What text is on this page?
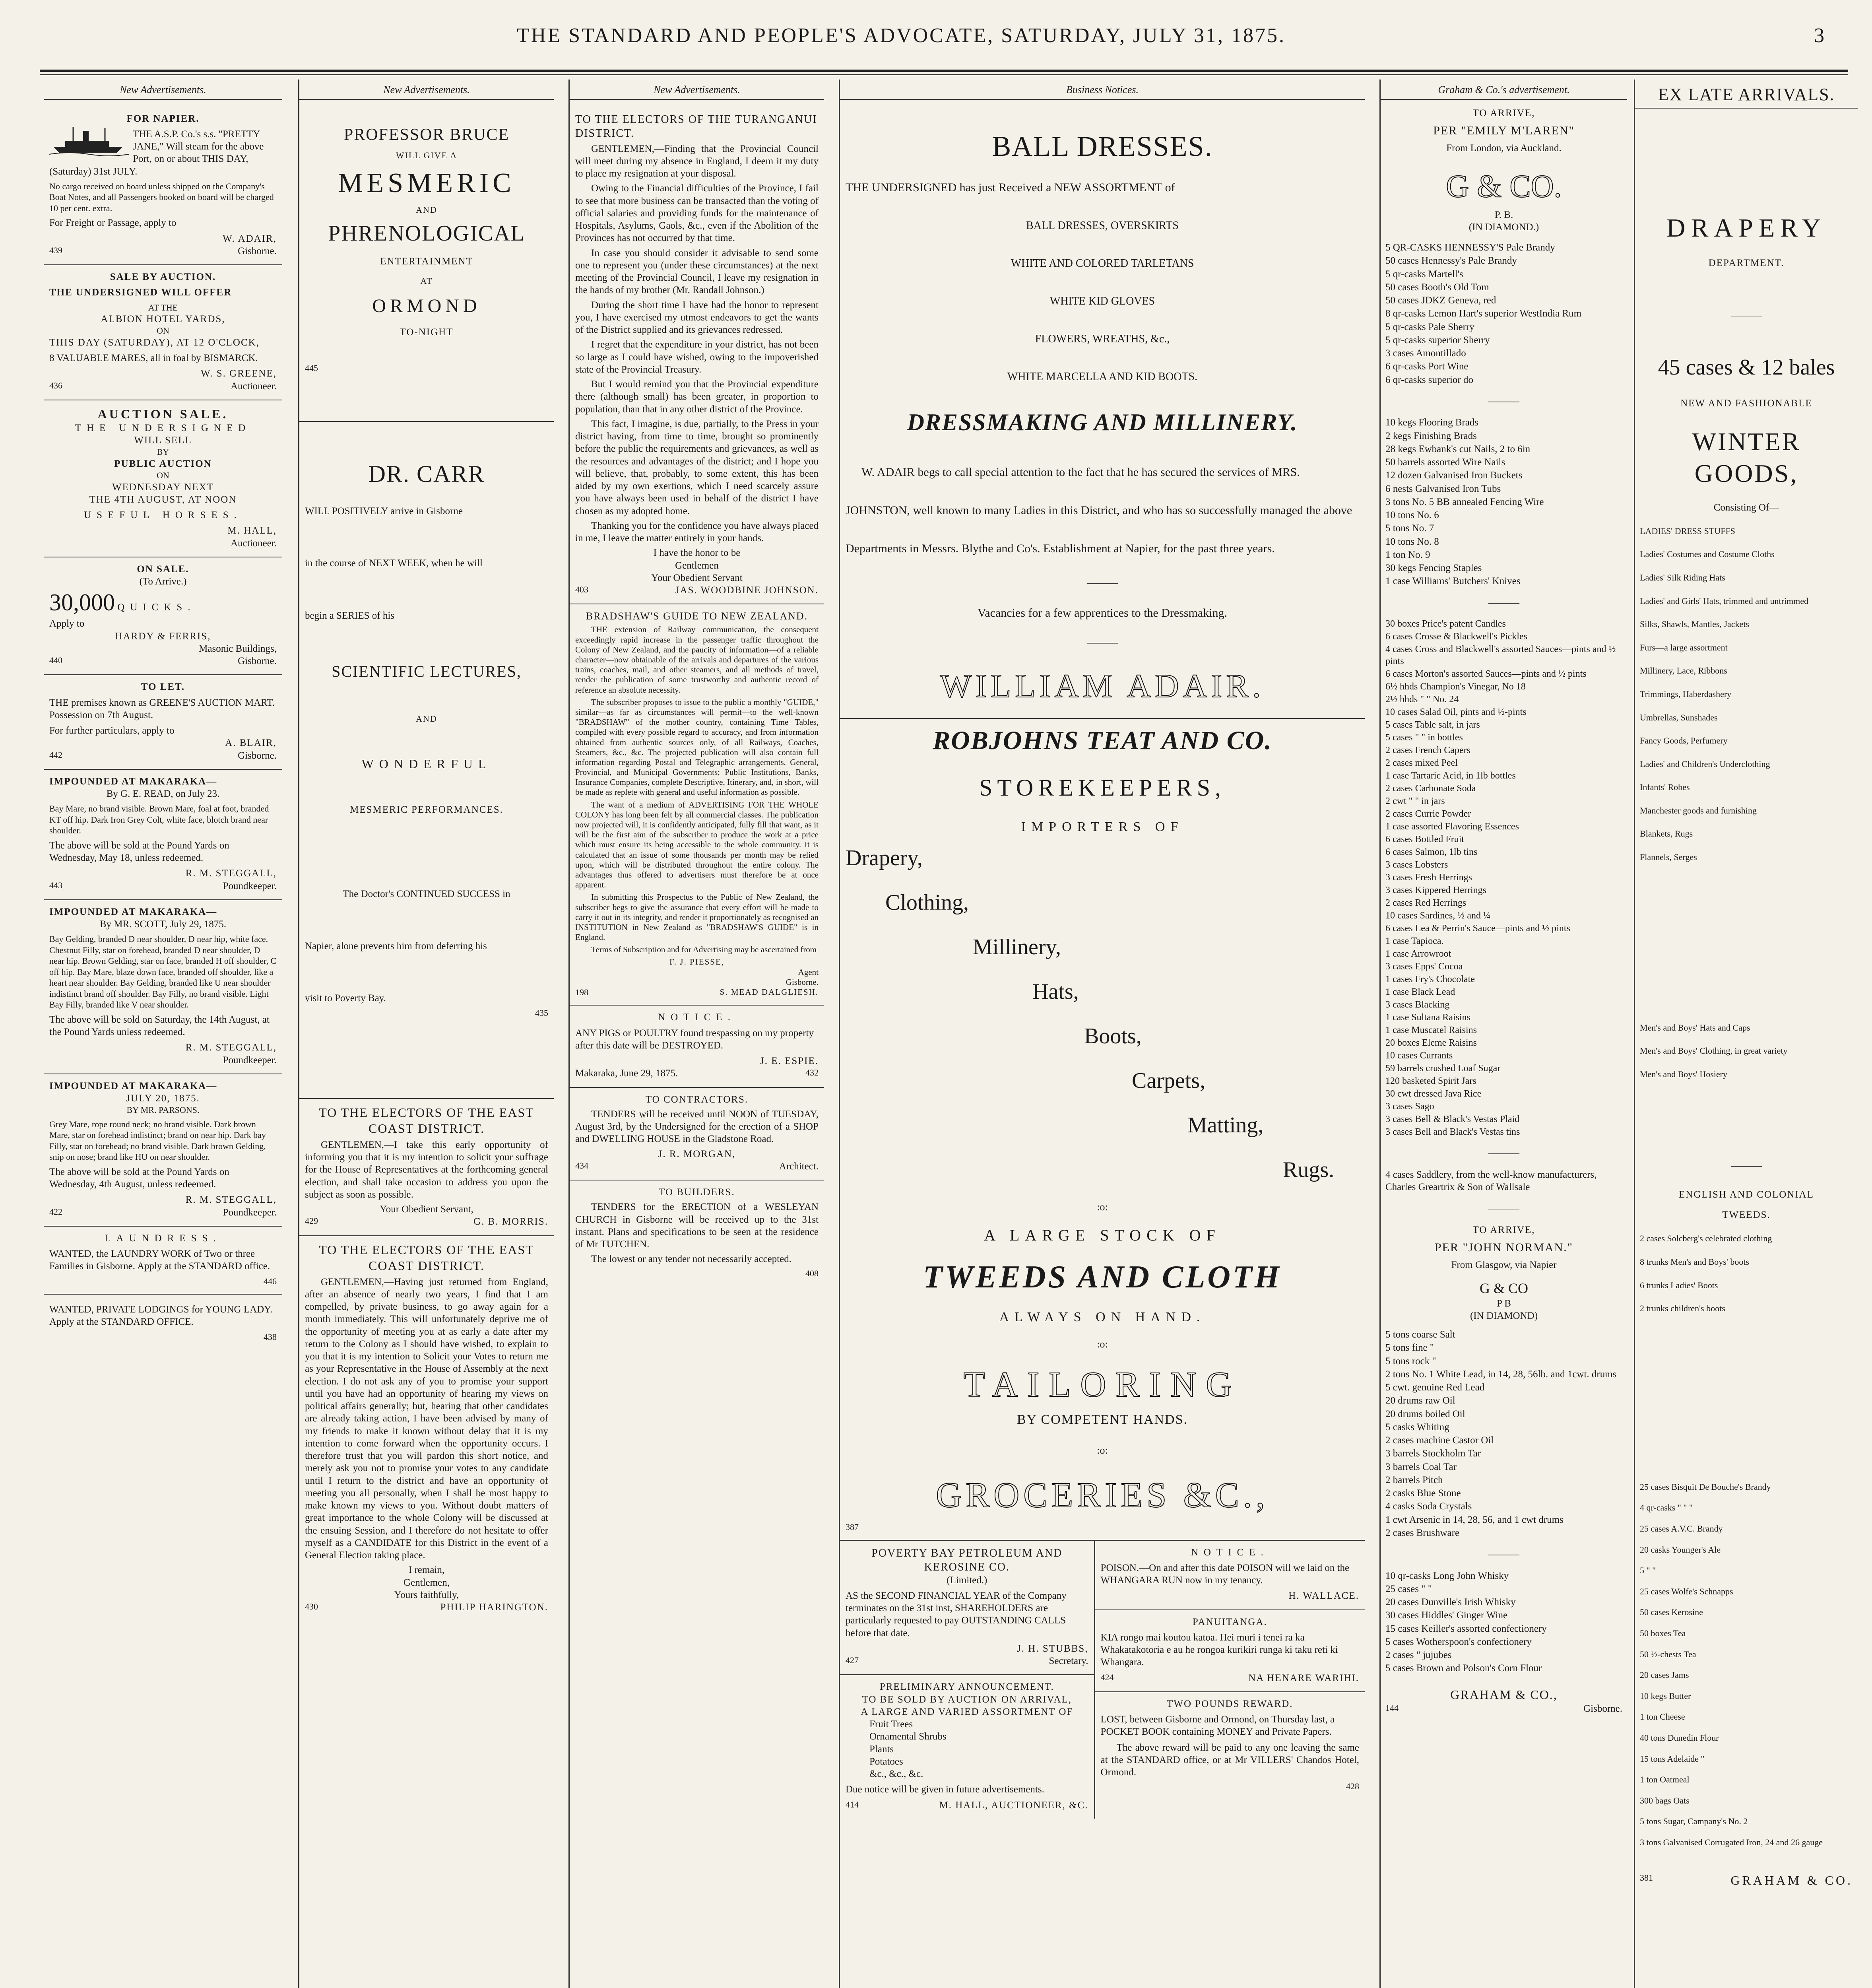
THE STANDARD AND PEOPLE'S ADVOCATE, SATURDAY, JULY 31, 1875.	3
New Advertisements.
FOR NAPIER.
THE A.S.P. Co.'s s.s. "PRETTY JANE," Will steam for the above Port, on or about THIS DAY, (Saturday) 31st JULY.
No cargo received on board unless shipped on the Company's Boat Notes, and all Passengers booked on board will be charged 10 per cent. extra.
For Freight or Passage, apply to
W. ADAIR,
439	Gisborne.
SALE BY AUCTION.
THE UNDERSIGNED WILL OFFER
AT THE
ALBION HOTEL YARDS,
ON
THIS DAY (SATURDAY), AT 12 O'CLOCK,
8 VALUABLE MARES, all in foal by BISMARCK.
W. S. GREENE,
436	Auctioneer.
AUCTION SALE.
THE UNDERSIGNED
WILL SELL
BY
PUBLIC AUCTION
ON
WEDNESDAY NEXT
THE 4TH AUGUST, AT NOON
USEFUL HORSES.
M. HALL,
Auctioneer.
ON SALE.
(To Arrive.)
30,000 QUICKS.
Apply to
HARDY & FERRIS,
Masonic Buildings,
440	Gisborne.
TO LET.
THE premises known as GREENE'S AUCTION MART. Possession on 7th August.
For further particulars, apply to
A. BLAIR,
442	Gisborne.
IMPOUNDED AT MAKARAKA—
By G. E. READ, on July 23.
Bay Mare, no brand visible. Brown Mare, foal at foot, branded KT off hip. Dark Iron Grey Colt, white face, blotch brand near shoulder.
The above will be sold at the Pound Yards on Wednesday, May 18, unless redeemed.
R. M. STEGGALL,
443	Poundkeeper.
IMPOUNDED AT MAKARAKA—
By MR. SCOTT, July 29, 1875.
Bay Gelding, branded D near shoulder, D near hip, white face. Chestnut Filly, star on forehead, branded D near shoulder, D near hip. Brown Gelding, star on face, branded H off shoulder, C off hip. Bay Mare, blaze down face, branded off shoulder, like a heart near shoulder. Bay Gelding, branded like U near shoulder indistinct brand off shoulder. Bay Filly, no brand visible. Light Bay Filly, branded like V near shoulder.
The above will be sold on Saturday, the 14th August, at the Pound Yards unless redeemed.
R. M. STEGGALL,
Poundkeeper.
IMPOUNDED AT MAKARAKA—
JULY 20, 1875.
BY MR. PARSONS.
Grey Mare, rope round neck; no brand visible. Dark brown Mare, star on forehead indistinct; brand on near hip. Dark bay Filly, star on forehead; no brand visible. Dark brown Gelding, snip on nose; brand like HU on near shoulder.
The above will be sold at the Pound Yards on Wednesday, 4th August, unless redeemed.
R. M. STEGGALL,
422	Poundkeeper.
LAUNDRESS.
WANTED, the LAUNDRY WORK of Two or three Families in Gisborne. Apply at the STANDARD office.
446
WANTED, PRIVATE LODGINGS for YOUNG LADY. Apply at the STANDARD OFFICE.
438
New Advertisements.
PROFESSOR BRUCE
WILL GIVE A
MESMERIC
AND
PHRENOLOGICAL
ENTERTAINMENT
AT
ORMOND
TO-NIGHT
445
DR. CARR
WILL POSITIVELY arrive in Gisborne
in the course of NEXT WEEK, when he will
begin a SERIES of his
SCIENTIFIC LECTURES,
AND
WONDERFUL
MESMERIC PERFORMANCES.
The Doctor's CONTINUED SUCCESS in
Napier, alone prevents him from deferring his
visit to Poverty Bay.
435
TO THE ELECTORS OF THE EAST COAST DISTRICT.
GENTLEMEN,—I take this early opportunity of informing you that it is my intention to solicit your suffrage for the House of Representatives at the forthcoming general election, and shall take occasion to address you upon the subject as soon as possible.
Your Obedient Servant,
429	G. B. MORRIS.
TO THE ELECTORS OF THE EAST COAST DISTRICT.
GENTLEMEN,—Having just returned from England, after an absence of nearly two years, I find that I am compelled, by private business, to go away again for a month immediately. This will unfortunately deprive me of the opportunity of meeting you at as early a date after my return to the Colony as I should have wished, to explain to you that it is my intention to Solicit your Votes to return me as your Representative in the House of Assembly at the next election. I do not ask any of you to promise your support until you have had an opportunity of hearing my views on political affairs generally; but, hearing that other candidates are already taking action, I have been advised by many of my friends to make it known without delay that it is my intention to come forward when the opportunity occurs. I therefore trust that you will pardon this short notice, and merely ask you not to promise your votes to any candidate until I return to the district and have an opportunity of meeting you all personally, when I shall be most happy to make known my views to you. Without doubt matters of great importance to the whole Colony will be discussed at the ensuing Session, and I therefore do not hesitate to offer myself as a CANDIDATE for this District in the event of a General Election taking place.
I remain,
Gentlemen,
Yours faithfully,
430	PHILIP HARINGTON.
New Advertisements.
TO THE ELECTORS OF THE TURANGANUI DISTRICT.
GENTLEMEN,—Finding that the Provincial Council will meet during my absence in England, I deem it my duty to place my resignation at your disposal.
Owing to the Financial difficulties of the Province, I fail to see that more business can be transacted than the voting of official salaries and providing funds for the maintenance of Hospitals, Asylums, Gaols, &c., even if the Abolition of the Provinces has not occurred by that time.
In case you should consider it advisable to send some one to represent you (under these circumstances) at the next meeting of the Provincial Council, I leave my resignation in the hands of my brother (Mr. Randall Johnson.)
During the short time I have had the honor to represent you, I have exercised my utmost endeavors to get the wants of the District supplied and its grievances redressed.
I regret that the expenditure in your district, has not been so large as I could have wished, owing to the impoverished state of the Provincial Treasury.
But I would remind you that the Provincial expenditure there (although small) has been greater, in proportion to population, than that in any other district of the Province.
This fact, I imagine, is due, partially, to the Press in your district having, from time to time, brought so prominently before the public the requirements and grievances, as well as the resources and advantages of the district; and I hope you will believe, that, probably, to some extent, this has been aided by my own exertions, which I need scarcely assure you have always been used in behalf of the district I have chosen as my adopted home.
Thanking you for the confidence you have always placed in me, I leave the matter entirely in your hands.
I have the honor to be
Gentlemen
Your Obedient Servant
403	JAS. WOODBINE JOHNSON.
BRADSHAW'S GUIDE TO NEW ZEALAND.
THE extension of Railway communication, the consequent exceedingly rapid increase in the passenger traffic throughout the Colony of New Zealand, and the paucity of information—of a reliable character—now obtainable of the arrivals and departures of the various trains, coaches, mail, and other steamers, and all methods of travel, render the publication of some trustworthy and authentic record of reference an absolute necessity.
The subscriber proposes to issue to the public a monthly "GUIDE," similar—as far as circumstances will permit—to the well-known "BRADSHAW" of the mother country, containing Time Tables, compiled with every possible regard to accuracy, and from information obtained from authentic sources only, of all Railways, Coaches, Steamers, &c., &c. The projected publication will also contain full information regarding Postal and Telegraphic arrangements, General, Provincial, and Municipal Governments; Public Institutions, Banks, Insurance Companies, complete Descriptive, Itinerary, and, in short, will be made as replete with general and useful information as possible.
The want of a medium of ADVERTISING FOR THE WHOLE COLONY has long been felt by all commercial classes. The publication now projected will, it is confidently anticipated, fully fill that want, as it will be the first aim of the subscriber to produce the work at a price which must ensure its being accessible to the whole community. It is calculated that an issue of some thousands per month may be relied upon, which will be distributed throughout the entire colony. The advantages thus offered to advertisers must therefore be at once apparent.
In submitting this Prospectus to the Public of New Zealand, the subscriber begs to give the assurance that every effort will be made to carry it out in its integrity, and render it proportionately as recognised an INSTITUTION in New Zealand as "BRADSHAW'S GUIDE" is in England.
Terms of Subscription and for Advertising may be ascertained from
F. J. PIESSE,
Agent
Gisborne.
198	S. MEAD DALGLIESH.
NOTICE.
ANY PIGS or POULTRY found trespassing on my property after this date will be DESTROYED.
J. E. ESPIE.
Makaraka, June 29, 1875.	432
TO CONTRACTORS.
TENDERS will be received until NOON of TUESDAY, August 3rd, by the Undersigned for the erection of a SHOP and DWELLING HOUSE in the Gladstone Road.
J. R. MORGAN,
434	Architect.
TO BUILDERS.
TENDERS for the ERECTION of a WESLEYAN CHURCH in Gisborne will be received up to the 31st instant. Plans and specifications to be seen at the residence of Mr TUTCHEN.
The lowest or any tender not necessarily accepted.
408
Business Notices.
BALL DRESSES.
THE UNDERSIGNED has just Received a NEW ASSORTMENT of
BALL DRESSES, OVERSKIRTS
WHITE AND COLORED TARLETANS
WHITE KID GLOVES
FLOWERS, WREATHS, &c.,
WHITE MARCELLA AND KID BOOTS.
DRESSMAKING AND MILLINERY.
W. ADAIR begs to call special attention to the fact that he has secured the services of MRS. JOHNSTON, well known to many Ladies in this District, and who has so successfully managed the above Departments in Messrs. Blythe and Co's. Establishment at Napier, for the past three years.
———
Vacancies for a few apprentices to the Dressmaking.
———
WILLIAM ADAIR.
ROBJOHNS TEAT AND CO.
STOREKEEPERS,
IMPORTERS OF
Drapery,
Clothing,
Millinery,
Hats,
Boots,
Carpets,
Matting,
Rugs.
:o:
A LARGE STOCK OF
TWEEDS AND CLOTH
ALWAYS ON HAND.
:o:
TAILORING
BY COMPETENT HANDS.
:o:
GROCERIES &C.,
387
POVERTY BAY PETROLEUM AND KEROSINE CO.
(Limited.)
AS the SECOND FINANCIAL YEAR of the Company terminates on the 31st inst, SHAREHOLDERS are particularly requested to pay OUTSTANDING CALLS before that date.
J. H. STUBBS,
427	Secretary.
PRELIMINARY ANNOUNCEMENT.
TO BE SOLD BY AUCTION ON ARRIVAL,
A LARGE AND VARIED ASSORTMENT OF
Fruit Trees
Ornamental Shrubs
Plants
Potatoes
&c., &c., &c.
Due notice will be given in future advertisements.
414	M. HALL, AUCTIONEER, &C.
NOTICE.
POISON.—On and after this date POISON will we laid on the WHANGARA RUN now in my tenancy.
H. WALLACE.
PANUITANGA.
KIA rongo mai koutou katoa. Hei muri i tenei ra ka Whakatakotoria e au he rongoa kurikiri runga ki taku reti ki Whangara.
424	NA HENARE WARIHI.
TWO POUNDS REWARD.
LOST, between Gisborne and Ormond, on Thursday last, a POCKET BOOK containing MONEY and Private Papers.
The above reward will be paid to any one leaving the same at the STANDARD office, or at Mr VILLERS' Chandos Hotel, Ormond.
428
Graham & Co.'s advertisement.
TO ARRIVE,
PER "EMILY M'LAREN"
From London, via Auckland.
G & CO.
P. B.
(IN DIAMOND.)
5 QR-CASKS HENNESSY'S Pale Brandy
50 cases Hennessy's Pale Brandy
5 qr-casks Martell's
50 cases Booth's Old Tom
50 cases JDKZ Geneva, red
8 qr-casks Lemon Hart's superior WestIndia Rum
5 qr-casks Pale Sherry
5 qr-casks superior Sherry
3 cases Amontillado
6 qr-casks Port Wine
6 qr-casks superior do
———
10 kegs Flooring Brads
2 kegs Finishing Brads
28 kegs Ewbank's cut Nails, 2 to 6in
50 barrels assorted Wire Nails
12 dozen Galvanised Iron Buckets
6 nests Galvanised Iron Tubs
3 tons No. 5 BB annealed Fencing Wire
10 tons No. 6
5 tons No. 7
10 tons No. 8
1 ton No. 9
30 kegs Fencing Staples
1 case Williams' Butchers' Knives
———
30 boxes Price's patent Candles
6 cases Crosse & Blackwell's Pickles
4 cases Cross and Blackwell's assorted Sauces—pints and ½ pints
6 cases Morton's assorted Sauces—pints and ½ pints
6½ hhds Champion's Vinegar, No 18
2½ hhds " " No. 24
10 cases Salad Oil, pints and ½-pints
5 cases Table salt, in jars
5 cases " " in bottles
2 cases French Capers
2 cases mixed Peel
1 case Tartaric Acid, in 1lb bottles
2 cases Carbonate Soda
2 cwt " " in jars
2 cases Currie Powder
1 case assorted Flavoring Essences
6 cases Bottled Fruit
6 cases Salmon, 1lb tins
3 cases Lobsters
3 cases Fresh Herrings
3 cases Kippered Herrings
2 cases Red Herrings
10 cases Sardines, ½ and ¼
6 cases Lea & Perrin's Sauce—pints and ½ pints
1 case Tapioca.
1 case Arrowroot
3 cases Epps' Cocoa
1 cases Fry's Chocolate
1 case Black Lead
3 cases Blacking
1 case Sultana Raisins
1 case Muscatel Raisins
20 boxes Eleme Raisins
10 cases Currants
59 barrels crushed Loaf Sugar
120 basketed Spirit Jars
30 cwt dressed Java Rice
3 cases Sago
3 cases Bell & Black's Vestas Plaid
3 cases Bell and Black's Vestas tins
———
4 cases Saddlery, from the well-know manufacturers, Charles Greartrix & Son of Wallsale
———
TO ARRIVE,
PER "JOHN NORMAN."
From Glasgow, via Napier
G & CO
P B
(IN DIAMOND)
5 tons coarse Salt
5 tons fine "
5 tons rock "
2 tons No. 1 White Lead, in 14, 28, 56lb. and 1cwt. drums
5 cwt. genuine Red Lead
20 drums raw Oil
20 drums boiled Oil
5 casks Whiting
2 cases machine Castor Oil
3 barrels Stockholm Tar
3 barrels Coal Tar
2 barrels Pitch
2 casks Blue Stone
4 casks Soda Crystals
1 cwt Arsenic in 14, 28, 56, and 1 cwt drums
2 cases Brushware
———
10 qr-casks Long John Whisky
25 cases " "
20 cases Dunville's Irish Whisky
30 cases Hiddles' Ginger Wine
15 cases Keiller's assorted confectionery
5 cases Wotherspoon's confectionery
2 cases " jujubes
5 cases Brown and Polson's Corn Flour
GRAHAM & CO.,
144	Gisborne.
EX LATE ARRIVALS.
DRAPERY
DEPARTMENT.
———
45 cases & 12 bales
NEW AND FASHIONABLE
WINTER GOODS,
Consisting Of—
LADIES' DRESS STUFFS
Ladies' Costumes and Costume Cloths
Ladies' Silk Riding Hats
Ladies' and Girls' Hats, trimmed and untrimmed
Silks, Shawls, Mantles, Jackets
Furs—a large assortment
Millinery, Lace, Ribbons
Trimmings, Haberdashery
Umbrellas, Sunshades
Fancy Goods, Perfumery
Ladies' and Children's Underclothing
Infants' Robes
Manchester goods and furnishing
Blankets, Rugs
Flannels, Serges
Men's and Boys' Hats and Caps
Men's and Boys' Clothing, in great variety
Men's and Boys' Hosiery
———
ENGLISH AND COLONIAL
TWEEDS.
2 cases Solcberg's celebrated clothing
8 trunks Men's and Boys' boots
6 trunks Ladies' Boots
2 trunks children's boots
25 cases Bisquit De Bouche's Brandy
4 qr-casks " " "
25 cases A.V.C. Brandy
20 casks Younger's Ale
5 " "
25 cases Wolfe's Schnapps
50 cases Kerosine
50 boxes Tea
50 ½-chests Tea
20 cases Jams
10 kegs Butter
1 ton Cheese
40 tons Dunedin Flour
15 tons Adelaide "
1 ton Oatmeal
300 bags Oats
5 tons Sugar, Campany's No. 2
3 tons Galvanised Corrugated Iron, 24 and 26 gauge
381	GRAHAM & CO.
